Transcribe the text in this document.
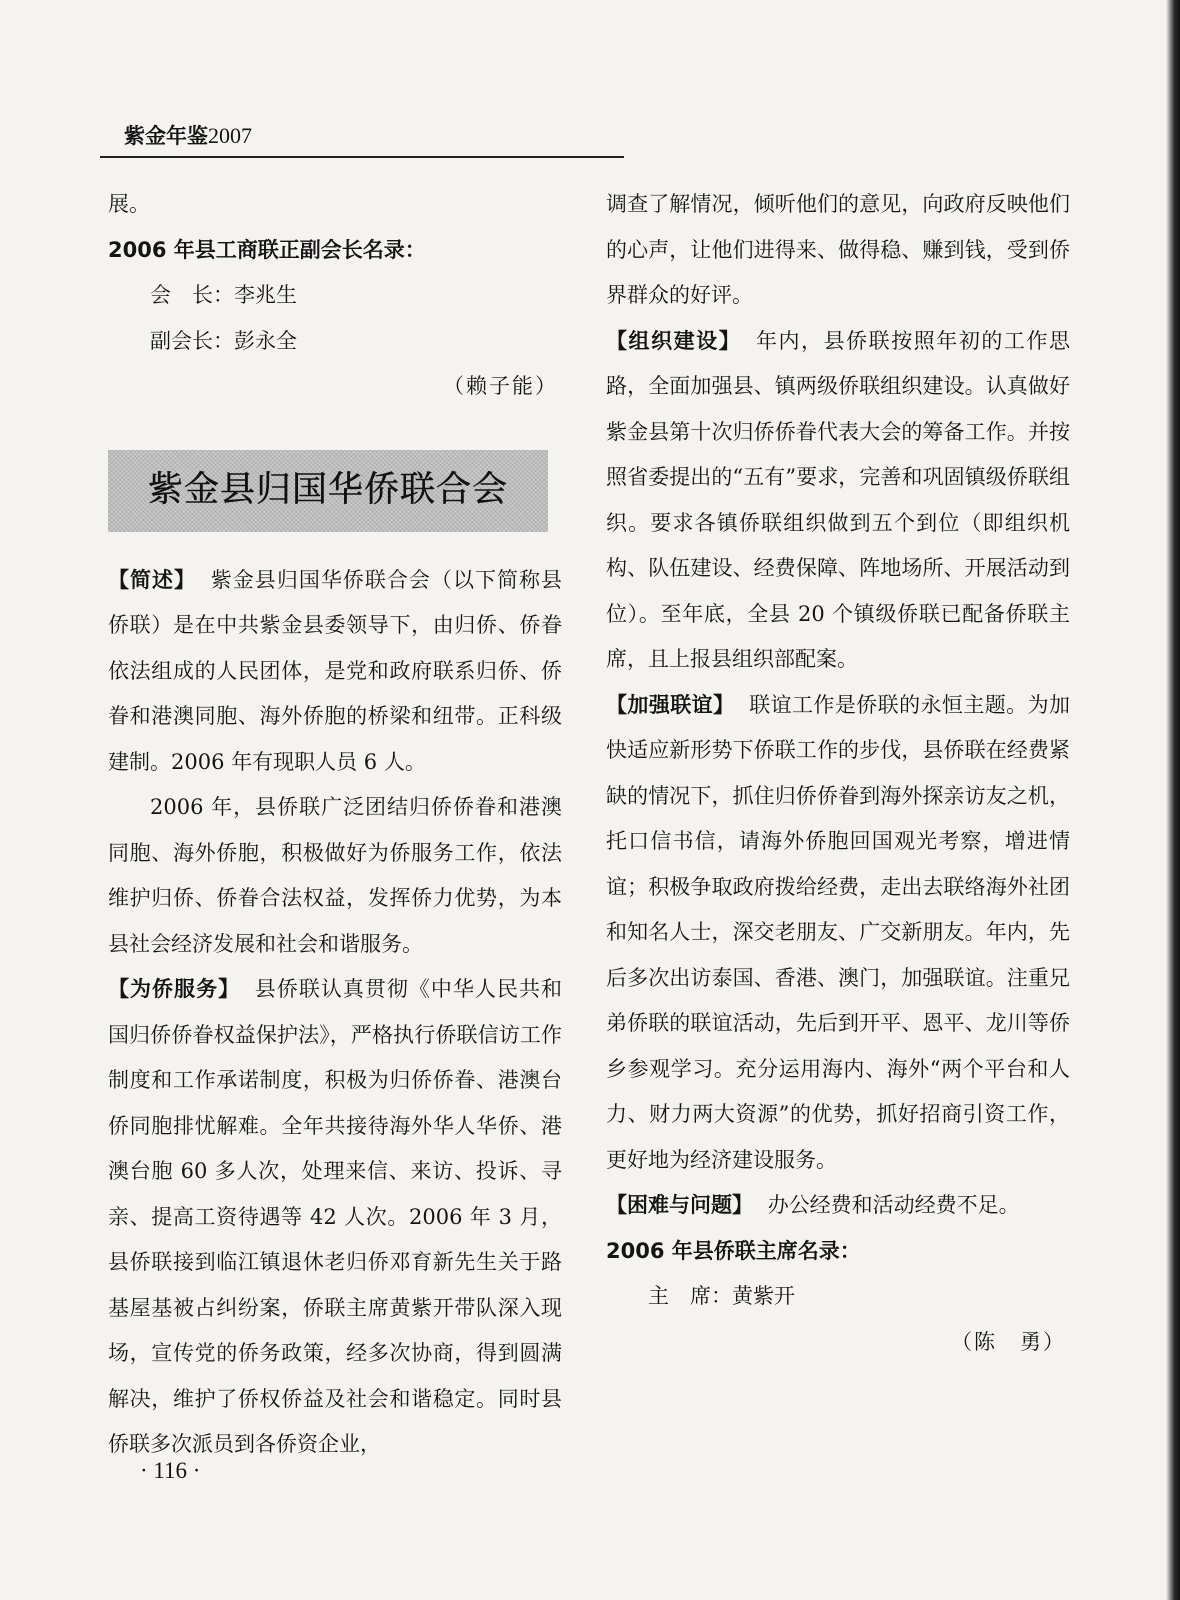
紫金年鉴2007

展。

2006 年县工商联正副会长名录：

会　长：李兆生

副会长：彭永全

（赖子能）

紫金县归国华侨联合会

【简述】 紫金县归国华侨联合会（以下简称县侨联）是在中共紫金县委领导下，由归侨、侨眷依法组成的人民团体，是党和政府联系归侨、侨眷和港澳同胞、海外侨胞的桥梁和纽带。正科级建制。2006 年有现职人员 6 人。

2006 年，县侨联广泛团结归侨侨眷和港澳同胞、海外侨胞，积极做好为侨服务工作，依法维护归侨、侨眷合法权益，发挥侨力优势，为本县社会经济发展和社会和谐服务。

【为侨服务】 县侨联认真贯彻《中华人民共和国归侨侨眷权益保护法》，严格执行侨联信访工作制度和工作承诺制度，积极为归侨侨眷、港澳台侨同胞排忧解难。全年共接待海外华人华侨、港澳台胞 60 多人次，处理来信、来访、投诉、寻亲、提高工资待遇等 42 人次。2006 年 3 月，县侨联接到临江镇退休老归侨邓育新先生关于路基屋基被占纠纷案，侨联主席黄紫开带队深入现场，宣传党的侨务政策，经多次协商，得到圆满解决，维护了侨权侨益及社会和谐稳定。同时县侨联多次派员到各侨资企业，

调查了解情况，倾听他们的意见，向政府反映他们的心声，让他们进得来、做得稳、赚到钱，受到侨界群众的好评。

【组织建设】 年内，县侨联按照年初的工作思路，全面加强县、镇两级侨联组织建设。认真做好紫金县第十次归侨侨眷代表大会的筹备工作。并按照省委提出的“五有”要求，完善和巩固镇级侨联组织。要求各镇侨联组织做到五个到位（即组织机构、队伍建设、经费保障、阵地场所、开展活动到位）。至年底，全县 20 个镇级侨联已配备侨联主席，且上报县组织部配案。

【加强联谊】 联谊工作是侨联的永恒主题。为加快适应新形势下侨联工作的步伐，县侨联在经费紧缺的情况下，抓住归侨侨眷到海外探亲访友之机，托口信书信，请海外侨胞回国观光考察，增进情谊；积极争取政府拨给经费，走出去联络海外社团和知名人士，深交老朋友、广交新朋友。年内，先后多次出访泰国、香港、澳门，加强联谊。注重兄弟侨联的联谊活动，先后到开平、恩平、龙川等侨乡参观学习。充分运用海内、海外“两个平台和人力、财力两大资源”的优势，抓好招商引资工作，更好地为经济建设服务。

【困难与问题】 办公经费和活动经费不足。

2006 年县侨联主席名录：

主　席：黄紫开

（陈　勇）

· 116 ·
